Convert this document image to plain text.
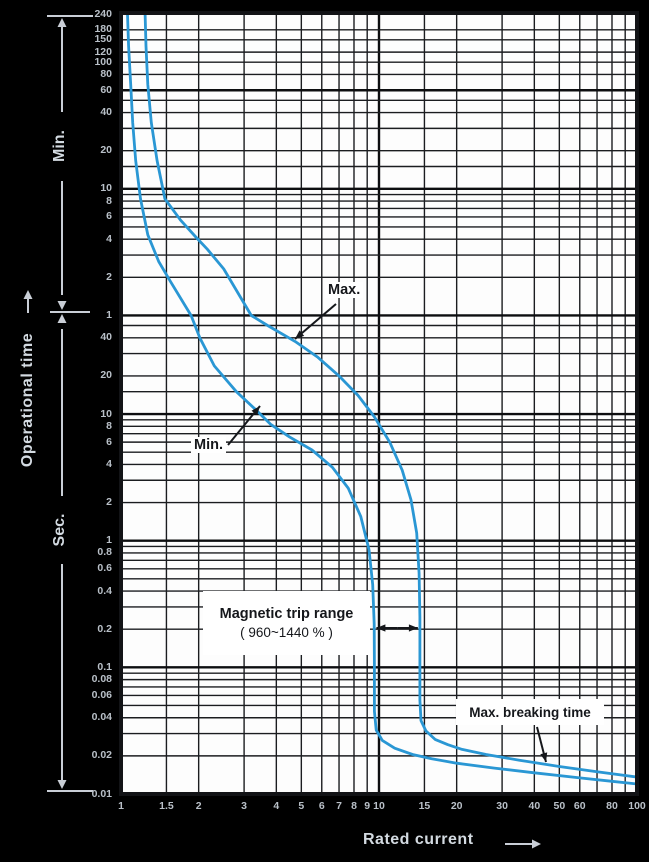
Operational time
Min.
Sec.
Rated current
Max.
Min.
Magnetic trip range
( 960~1440 % )
Max. breaking time
240
180
150
120
100
80
60
40
20
10
8
6
4
2
1
40
20
10
8
6
4
2
1
0.8
0.6
0.4
0.2
0.1
0.08
0.06
0.04
0.02
0.01
1	1.5 2	3	4 5 6 7 8 9 10	15 20	30 40 50 60 80 100
